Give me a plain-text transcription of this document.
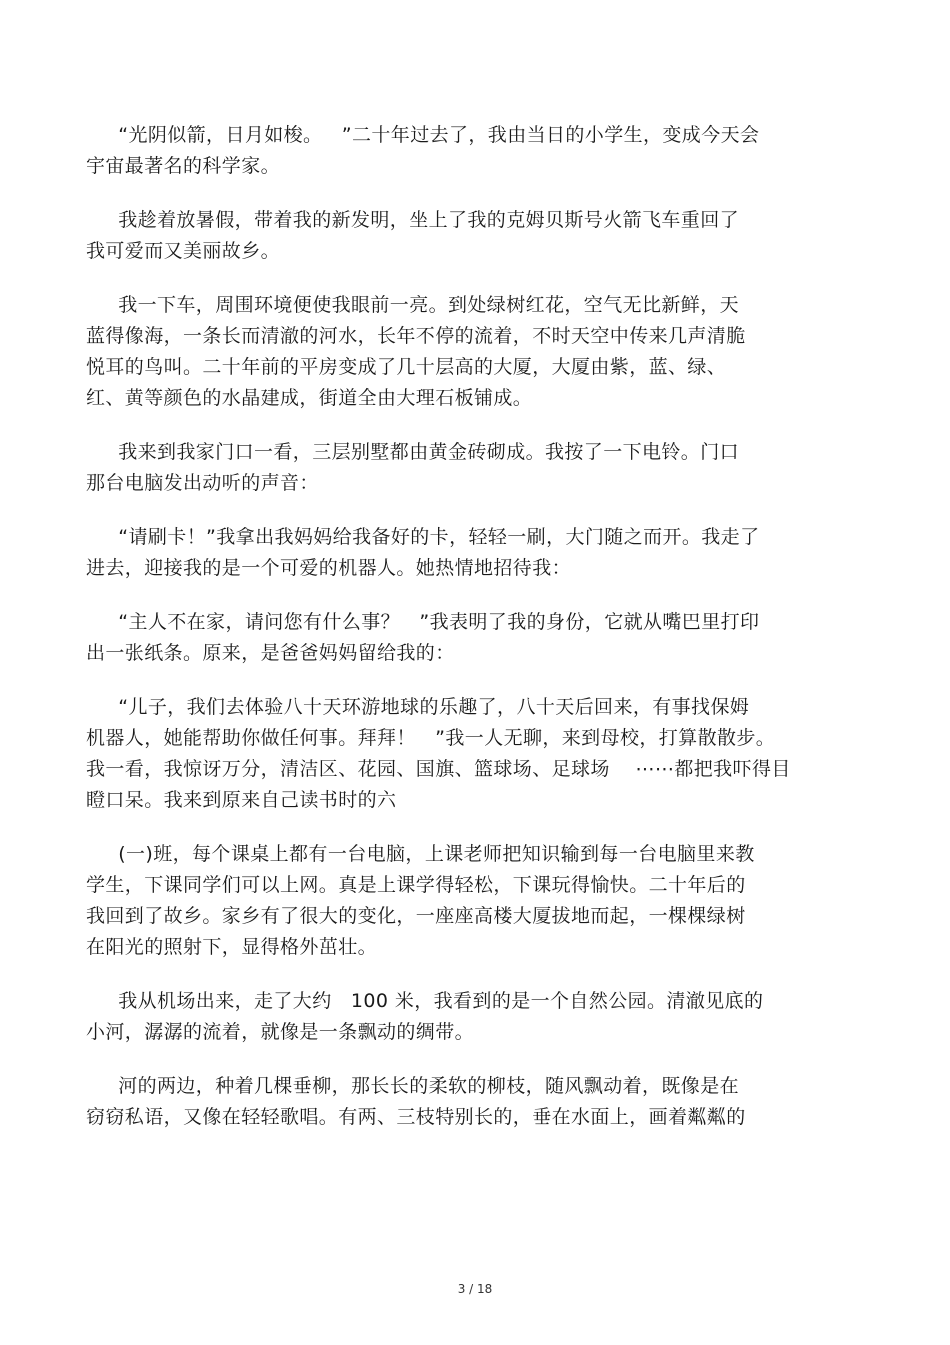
“光阴似箭，日月如梭。   ”二十年过去了，我由当日的小学生，变成今天会
宇宙最著名的科学家。

我趁着放暑假，带着我的新发明，坐上了我的克姆贝斯号火箭飞车重回了
我可爱而又美丽故乡。

我一下车，周围环境便使我眼前一亮。到处绿树红花，空气无比新鲜，天
蓝得像海，一条长而清澈的河水，长年不停的流着，不时天空中传来几声清脆
悦耳的鸟叫。二十年前的平房变成了几十层高的大厦，大厦由紫，蓝、绿、
红、黄等颜色的水晶建成，街道全由大理石板铺成。

我来到我家门口一看，三层别墅都由黄金砖砌成。我按了一下电铃。门口
那台电脑发出动听的声音：

“请刷卡！”我拿出我妈妈给我备好的卡，轻轻一刷，大门随之而开。我走了
进去，迎接我的是一个可爱的机器人。她热情地招待我：

“主人不在家，请问您有什么事？   ”我表明了我的身份，它就从嘴巴里打印
出一张纸条。原来，是爸爸妈妈留给我的：

“儿子，我们去体验八十天环游地球的乐趣了，八十天后回来，有事找保姆
机器人，她能帮助你做任何事。拜拜！   ”我一人无聊，来到母校，打算散散步。
我一看，我惊讶万分，清洁区、花园、国旗、篮球场、足球场    ⋯⋯都把我吓得目
瞪口呆。我来到原来自己读书时的六

(一)班，每个课桌上都有一台电脑，上课老师把知识输到每一台电脑里来教
学生，下课同学们可以上网。真是上课学得轻松，下课玩得愉快。二十年后的
我回到了故乡。家乡有了很大的变化，一座座高楼大厦拔地而起，一棵棵绿树
在阳光的照射下，显得格外茁壮。

我从机场出来，走了大约   100 米，我看到的是一个自然公园。清澈见底的
小河，潺潺的流着，就像是一条飘动的绸带。

河的两边，种着几棵垂柳，那长长的柔软的柳枝，随风飘动着，既像是在
窃窃私语，又像在轻轻歌唱。有两、三枝特别长的，垂在水面上，画着粼粼的

3 / 18
